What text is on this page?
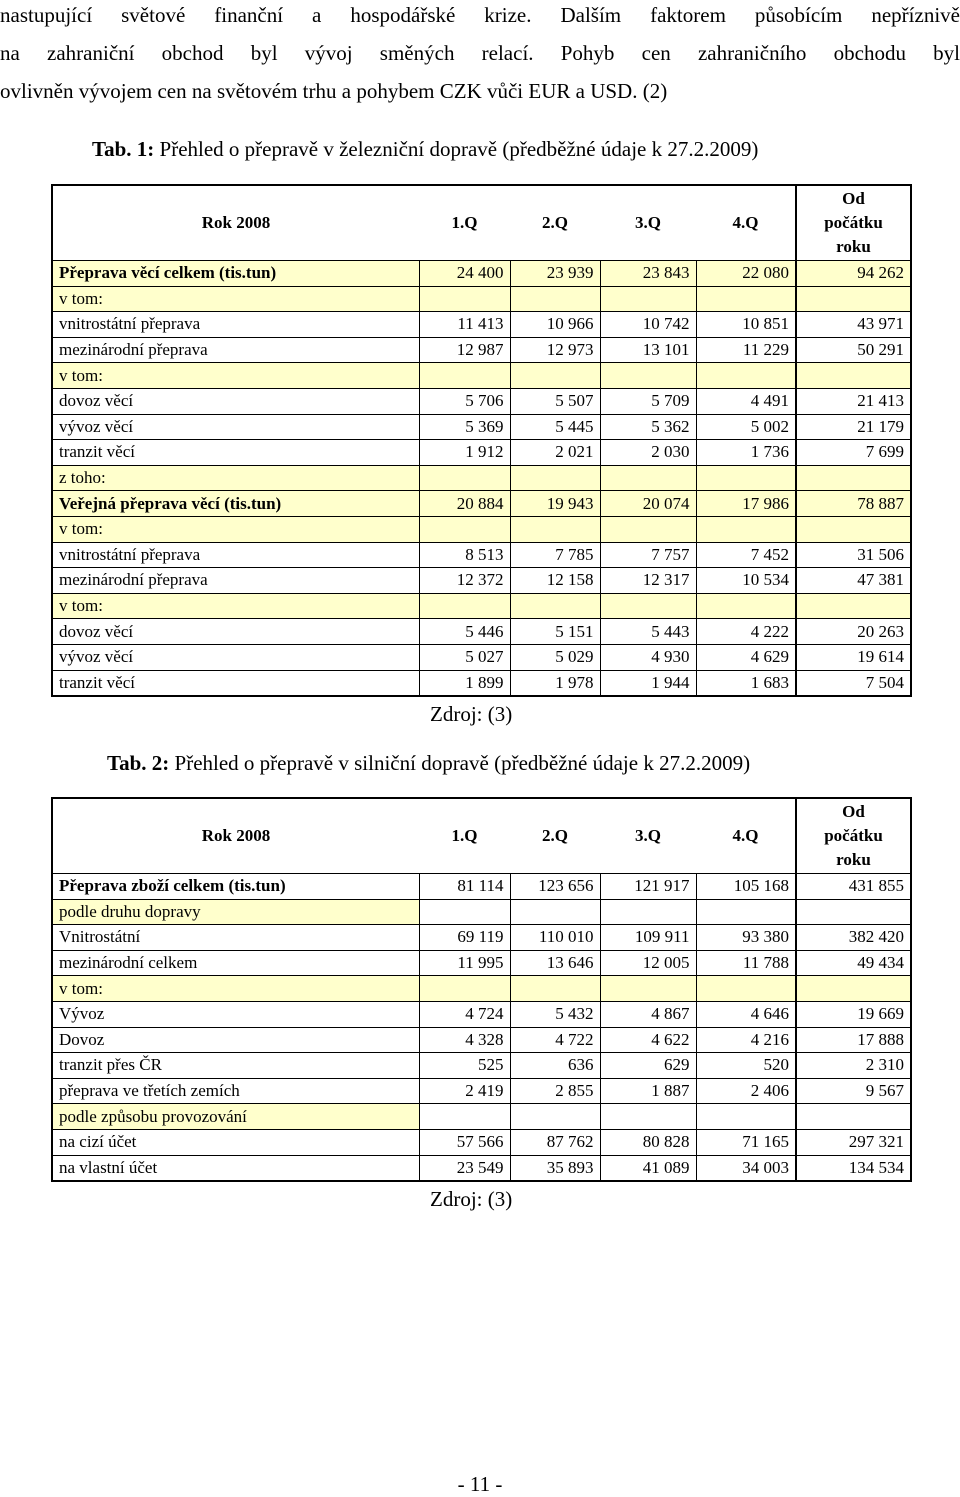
nastupující světové finanční a hospodářské krize. Dalším faktorem působícím nepříznivě
na zahraniční obchod byl vývoj směných relací. Pohyb cen zahraničního obchodu byl
ovlivněn vývojem cen na světovém trhu a pohybem CZK vůči EUR a USD. (2)
Tab. 1: Přehled o přepravě v železniční dopravě (předběžné údaje k 27.2.2009)
Rok 2008	1.Q	2.Q	3.Q	4.Q	Od
počátku
roku

Přeprava věcí celkem (tis.tun)	24 400	23 939	23 843	22 080	94 262
v tom:					
vnitrostátní přeprava	11 413	10 966	10 742	10 851	43 971
mezinárodní přeprava	12 987	12 973	13 101	11 229	50 291
v tom:					
dovoz věcí	5 706	5 507	5 709	4 491	21 413
vývoz věcí	5 369	5 445	5 362	5 002	21 179
tranzit věcí	1 912	2 021	2 030	1 736	7 699
z toho:					
Veřejná přeprava věcí (tis.tun)	20 884	19 943	20 074	17 986	78 887
v tom:					
vnitrostátní přeprava	8 513	7 785	7 757	7 452	31 506
mezinárodní přeprava	12 372	12 158	12 317	10 534	47 381
v tom:					
dovoz věcí	5 446	5 151	5 443	4 222	20 263
vývoz věcí	5 027	5 029	4 930	4 629	19 614
tranzit věcí	1 899	1 978	1 944	1 683	7 504
Zdroj: (3)
Tab. 2: Přehled o přepravě v silniční dopravě (předběžné údaje k 27.2.2009)
Rok 2008	1.Q	2.Q	3.Q	4.Q	Od
počátku
roku

Přeprava zboží celkem (tis.tun)	81 114	123 656	121 917	105 168	431 855
podle druhu dopravy					
Vnitrostátní	69 119	110 010	109 911	93 380	382 420
mezinárodní celkem	11 995	13 646	12 005	11 788	49 434
v tom:					
Vývoz	4 724	5 432	4 867	4 646	19 669
Dovoz	4 328	4 722	4 622	4 216	17 888
tranzit přes ČR	525	636	629	520	2 310
přeprava ve třetích zemích	2 419	2 855	1 887	2 406	9 567
podle způsobu provozování					
na cizí účet	57 566	87 762	80 828	71 165	297 321
na vlastní účet	23 549	35 893	41 089	34 003	134 534
Zdroj: (3)
- 11 -
